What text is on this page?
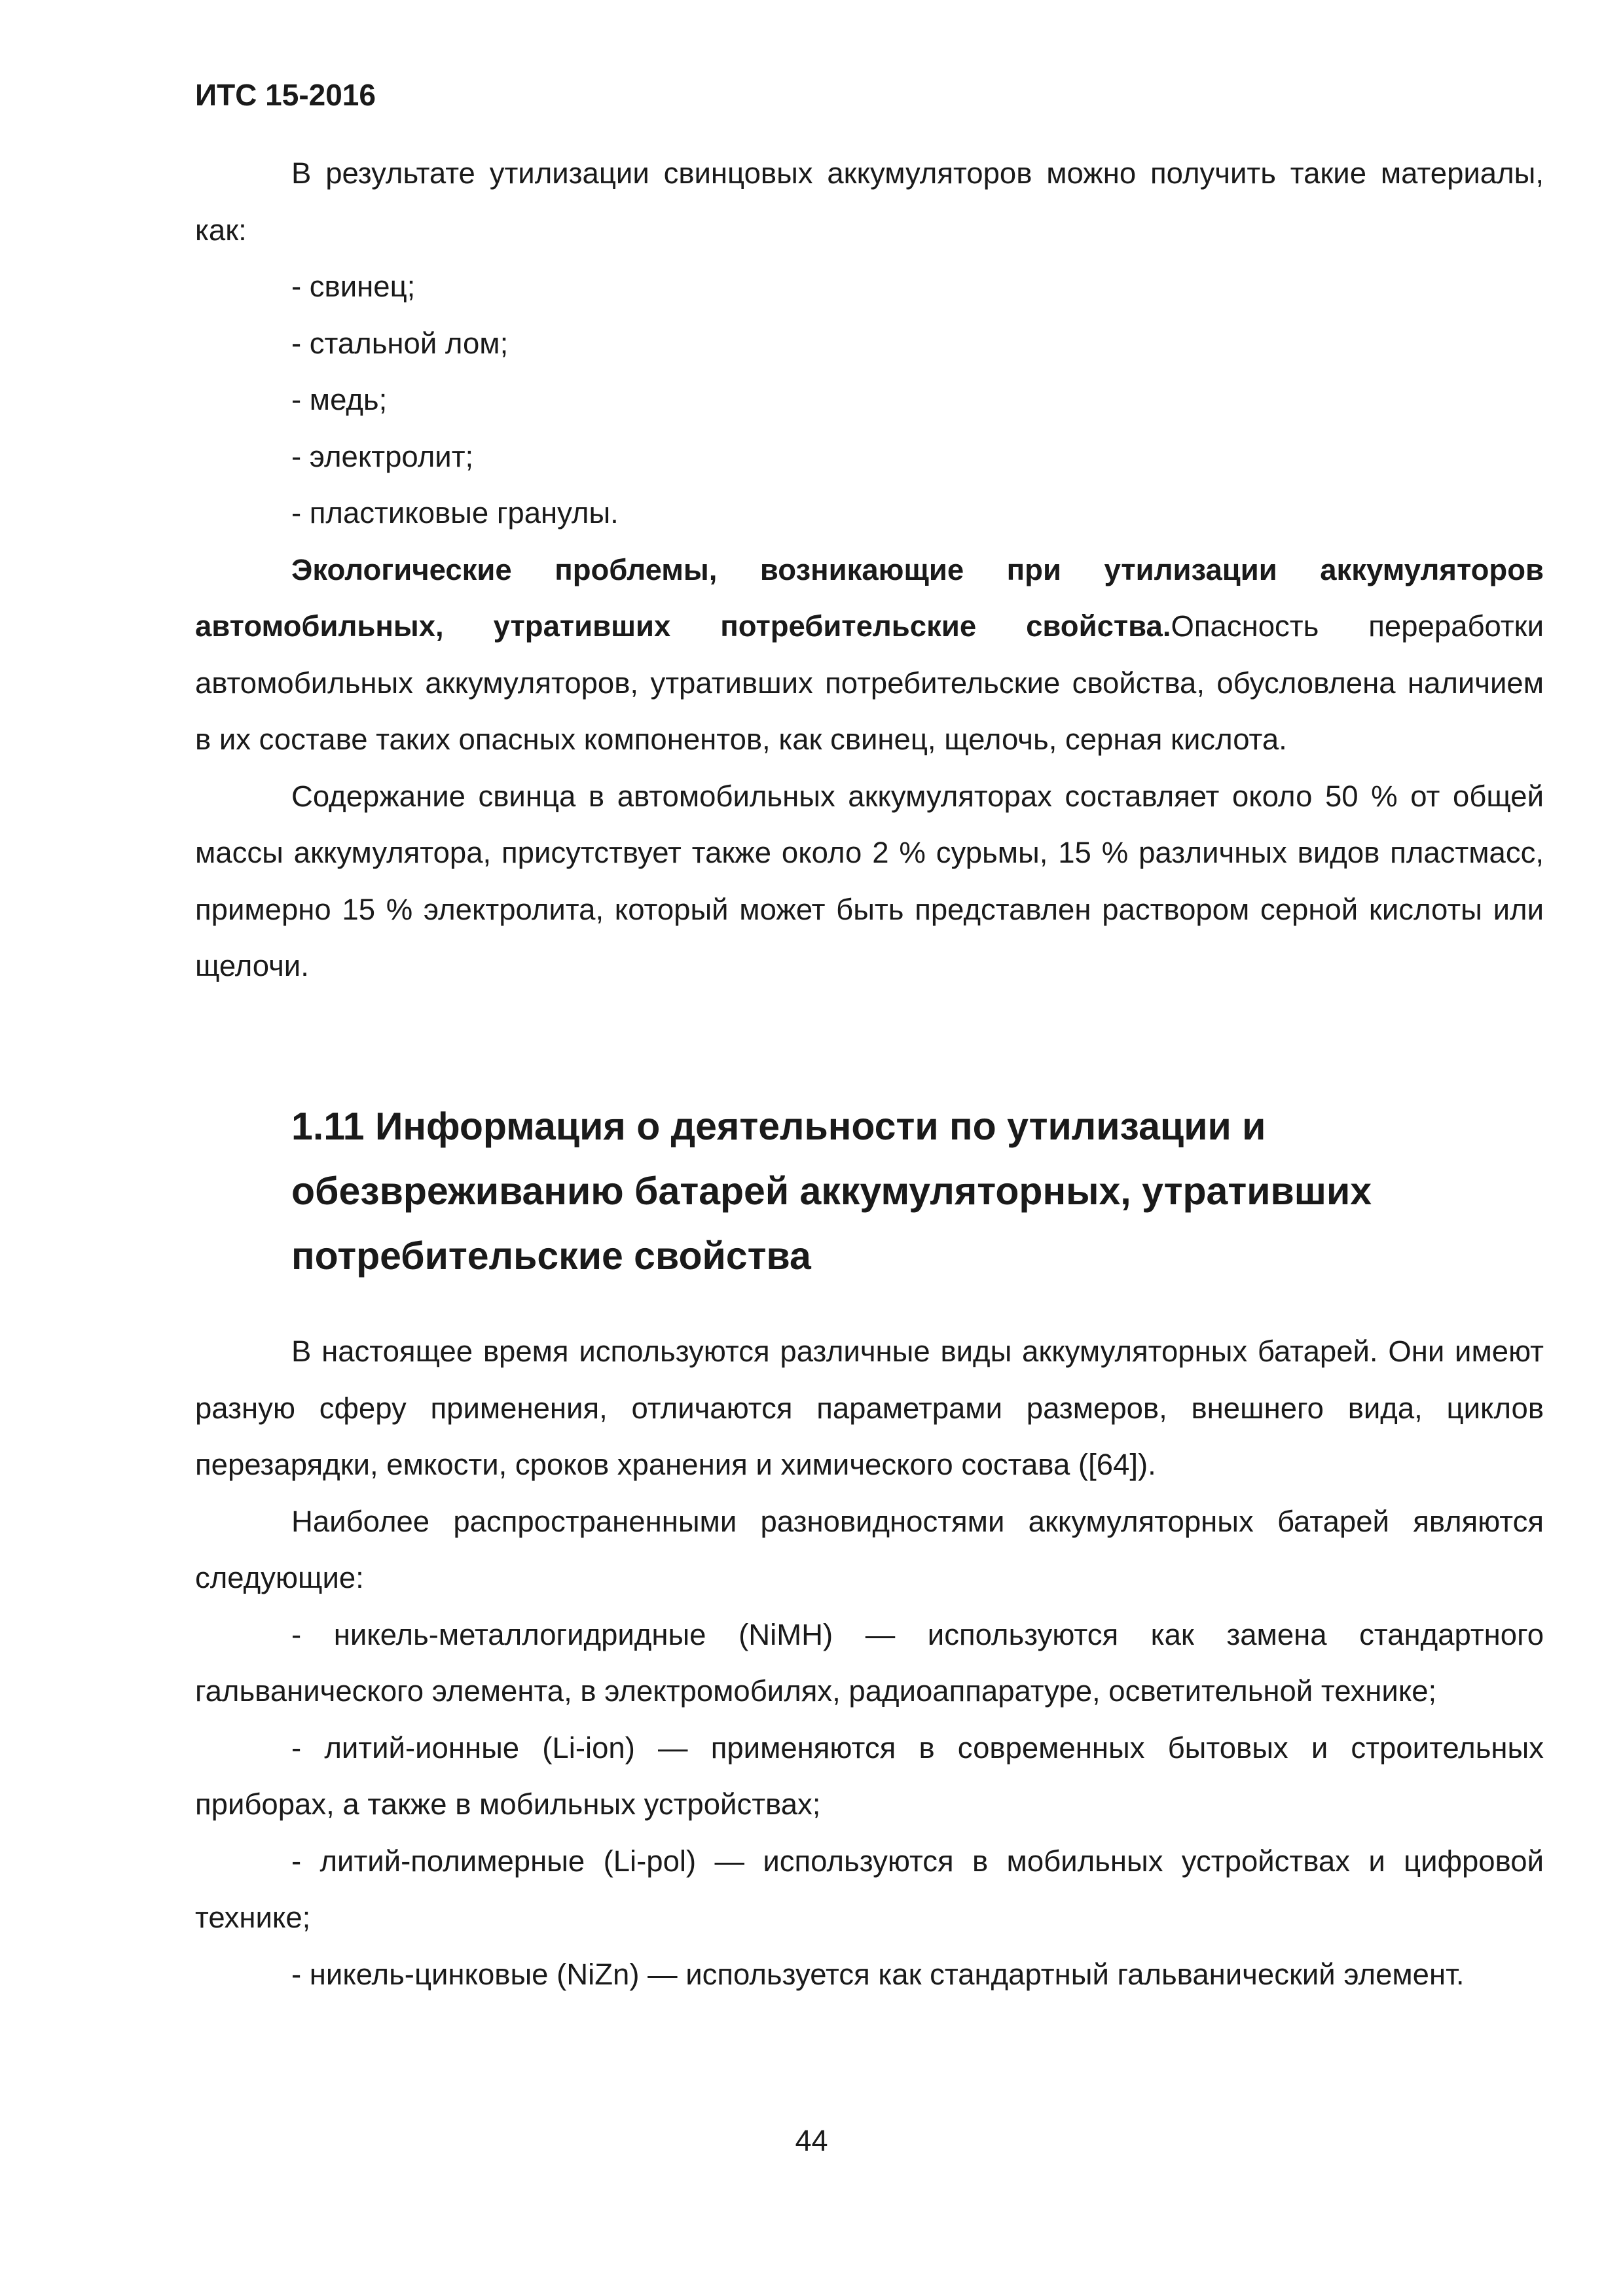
ИТС 15-2016

В результате утилизации свинцовых аккумуляторов можно получить такие материалы, как:

- свинец;

- стальной лом;

- медь;

- электролит;

- пластиковые гранулы.

Экологические проблемы, возникающие при утилизации аккумуляторов автомобильных, утративших потребительские свойства.Опасность переработки автомобильных аккумуляторов, утративших потребительские свойства, обусловлена наличием в их составе таких опасных компонентов, как свинец, щелочь, серная кислота.

Содержание свинца в автомобильных аккумуляторах составляет около 50 % от общей массы аккумулятора, присутствует также около 2 % сурьмы, 15 % различных видов пластмасс, примерно 15 % электролита, который может быть представлен раствором серной кислоты или щелочи.

1.11 Информация о деятельности по утилизации и обезвреживанию батарей аккумуляторных, утративших потребительские свойства

В настоящее время используются различные виды аккумуляторных батарей. Они имеют разную сферу применения, отличаются параметрами размеров, внешнего вида, циклов перезарядки, емкости, сроков хранения и химического состава ([64]).

Наиболее распространенными разновидностями аккумуляторных батарей являются следующие:

- никель-металлогидридные (NiMH) — используются как замена стандартного гальванического элемента, в электромобилях, радиоаппаратуре, осветительной технике;

- литий-ионные (Li-ion) — применяются в современных бытовых и строительных приборах, а также в мобильных устройствах;

- литий-полимерные (Li-pol) — используются в мобильных устройствах и цифровой технике;

- никель-цинковые (NiZn) — используется как стандартный гальванический элемент.

44
